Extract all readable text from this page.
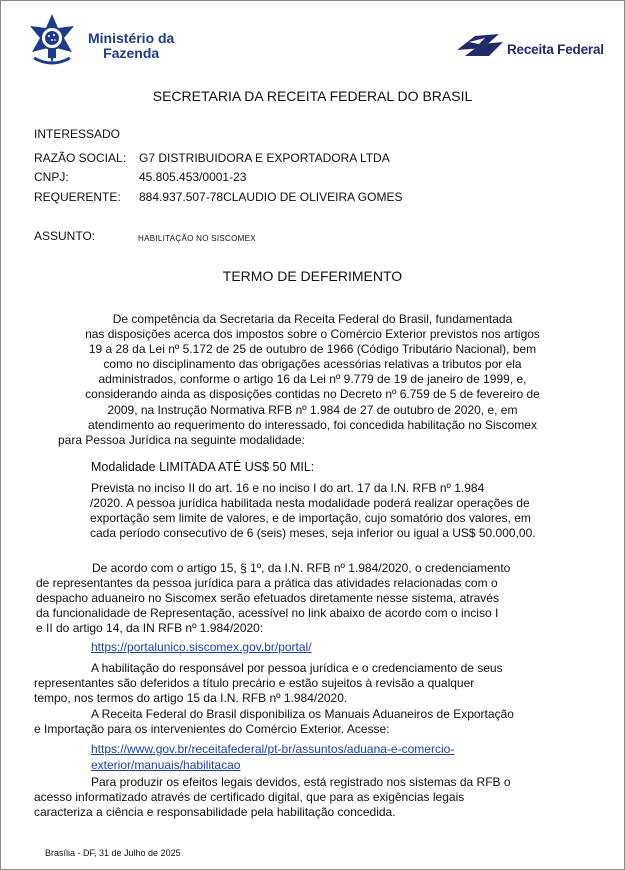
Ministério da
Fazenda	Receita Federal
SECRETARIA DA RECEITA FEDERAL DO BRASIL
INTERESSADO
RAZÃO SOCIAL: G7 DISTRIBUIDORA E EXPORTADORA LTDA
CNPJ:	45.805.453/0001-23
REQUERENTE: 884.937.507-78CLAUDIO DE OLIVEIRA GOMES
ASSUNTO:	HABILITAÇÃO NO SISCOMEX
TERMO DE DEFERIMENTO

De competência da Secretaria da Receita Federal do Brasil, fundamentada

nas disposições acerca dos impostos sobre o Comércio Exterior previstos nos artigos

19 a 28 da Lei nº 5.172 de 25 de outubro de 1966 (Código Tributário Nacional), bem

como no disciplinamento das obrigações acessórias relativas a tributos por ela

administrados, conforme o artigo 16 da Lei nº 9.779 de 19 de janeiro de 1999, e,

considerando ainda as disposições contidas no Decreto nº 6.759 de 5 de fevereiro de

2009, na Instrução Normativa RFB nº 1.984 de 27 de outubro de 2020, e, em

atendimento ao requerimento do interessado, foi concedida habilitação no Siscomex

para Pessoa Jurídica na seguinte modalidade:

Modalidade LIMITADA ATÉ US$ 50 MIL:

Prevista no inciso II do art. 16 e no inciso I do art. 17 da I.N. RFB nº 1.984

/2020. A pessoa jurídica habilitada nesta modalidade poderá realizar operações de

exportação sem limite de valores, e de importação, cujo somatório dos valores, em

cada período consecutivo de 6 (seis) meses, seja inferior ou igual a US$ 50.000,00.

De acordo com o artigo 15, § 1º, da I.N. RFB nº 1.984/2020, o credenciamento

de representantes da pessoa jurídica para a prática das atividades relacionadas com o

despacho aduaneiro no Siscomex serão efetuados diretamente nesse sistema, através

da funcionalidade de Representação, acessível no link abaixo de acordo com o inciso I

e II do artigo 14, da IN RFB nº 1.984/2020:

https://portalunico.siscomex.gov.br/portal/

A habilitação do responsável por pessoa jurídica e o credenciamento de seus

representantes são deferidos a título precário e estão sujeitos à revisão a qualquer

tempo, nos termos do artigo 15 da I.N. RFB nº 1.984/2020.

A Receita Federal do Brasil disponibiliza os Manuais Aduaneiros de Exportação

e Importação para os intervenientes do Comércio Exterior. Acesse:

https://www.gov.br/receitafederal/pt-br/assuntos/aduana-e-comercio-
exterior/manuais/habilitacao

Para produzir os efeitos legais devidos, está registrado nos sistemas da RFB o

acesso informatizado através de certificado digital, que para as exigências legais

caracteriza a ciência e responsabilidade pela habilitação concedida.

Brasília - DF, 31 de Julho de 2025
